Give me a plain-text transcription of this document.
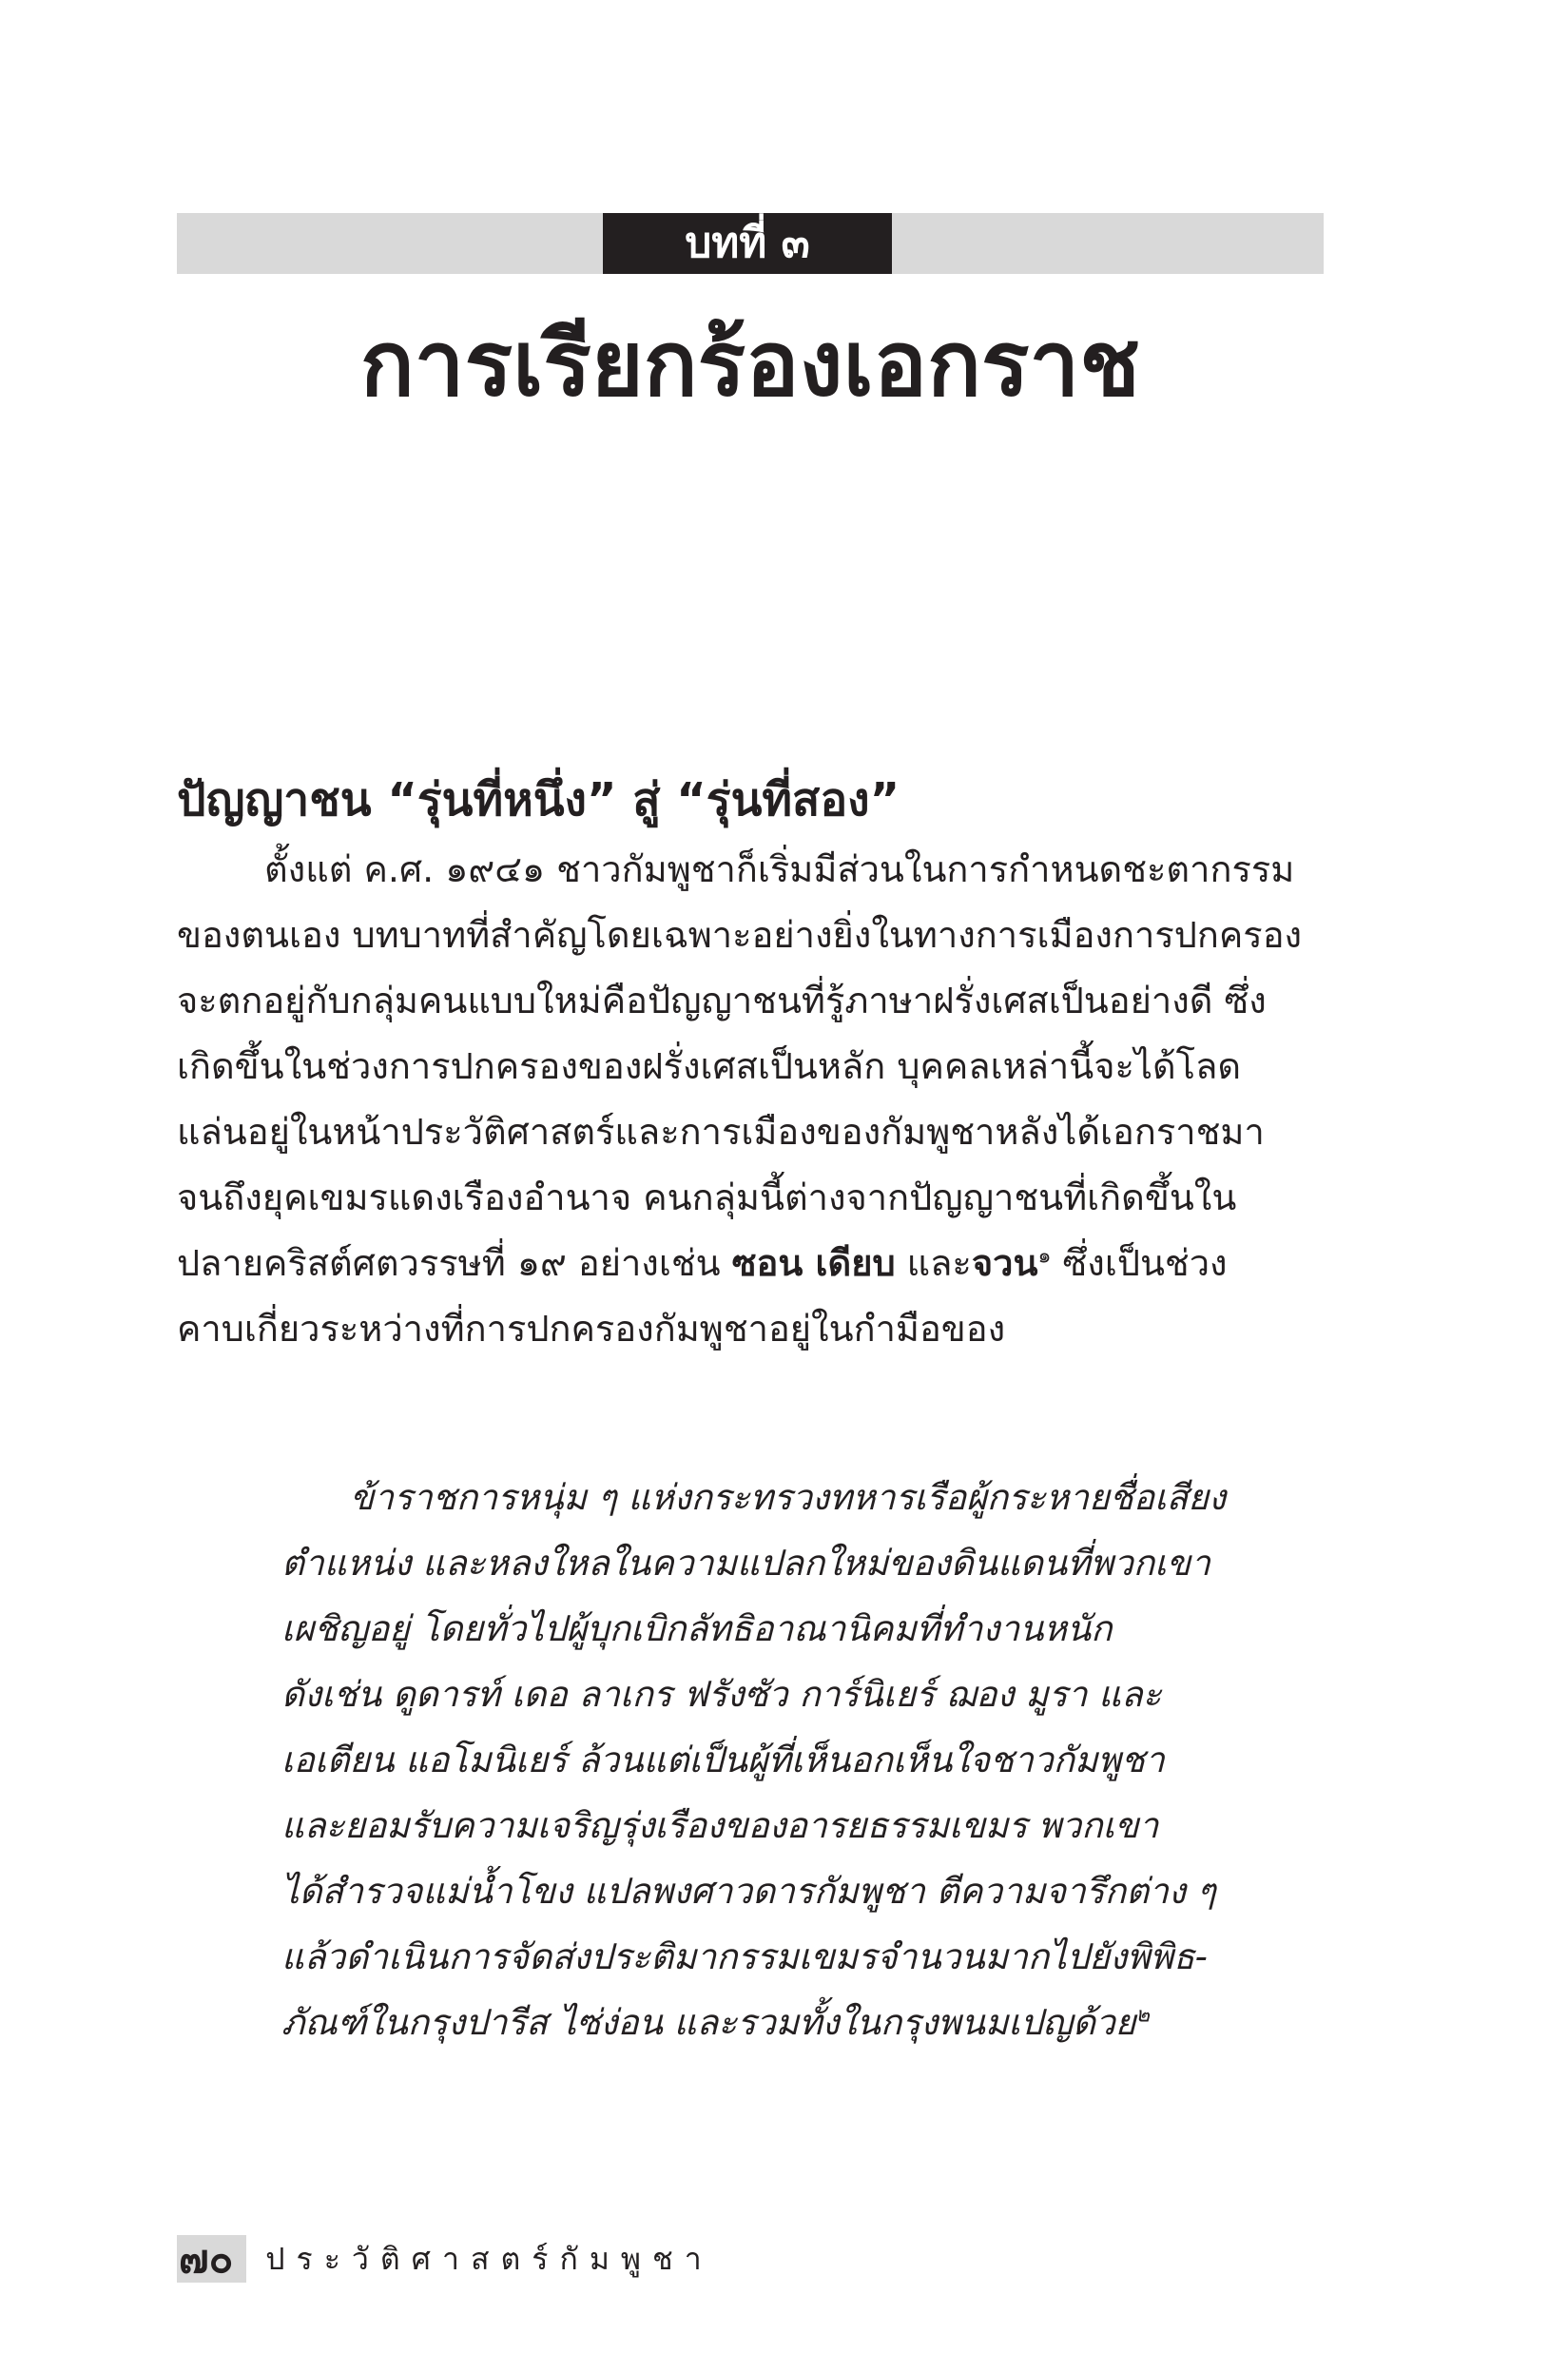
บทที่ ๓
การเรียกร้องเอกราช
ปัญญาชน “รุ่นที่หนึ่ง” สู่ “รุ่นที่สอง”
ตั้งแต่ ค.ศ. ๑๙๔๑ ชาวกัมพูชาก็เริ่มมีส่วนในการกำหนดชะตากรรม
ของตนเอง บทบาทที่สำคัญโดยเฉพาะอย่างยิ่งในทางการเมืองการปกครอง
จะตกอยู่กับกลุ่มคนแบบใหม่คือปัญญาชนที่รู้ภาษาฝรั่งเศสเป็นอย่างดี ซึ่ง
เกิดขึ้นในช่วงการปกครองของฝรั่งเศสเป็นหลัก บุคคลเหล่านี้จะได้โลด
แล่นอยู่ในหน้าประวัติศาสตร์และการเมืองของกัมพูชาหลังได้เอกราชมา
จนถึงยุคเขมรแดงเรืองอำนาจ คนกลุ่มนี้ต่างจากปัญญาชนที่เกิดขึ้นใน
ปลายคริสต์ศตวรรษที่ ๑๙ อย่างเช่น ซอน เดียบ และจวน$^๑$ ซึ่งเป็นช่วง
คาบเกี่ยวระหว่างที่การปกครองกัมพูชาอยู่ในกำมือของ
ข้าราชการหนุ่ม ๆ แห่งกระทรวงทหารเรือผู้กระหายชื่อเสียง
ตำแหน่ง และหลงใหลในความแปลกใหม่ของดินแดนที่พวกเขา
เผชิญอยู่ โดยทั่วไปผู้บุกเบิกลัทธิอาณานิคมที่ทำงานหนัก
ดังเช่น ดูดารท์ เดอ ลาเกร ฟรังซัว การ์นิเยร์ ฌอง มูรา และ
เอเตียน แอโมนิเยร์ ล้วนแต่เป็นผู้ที่เห็นอกเห็นใจชาวกัมพูชา
และยอมรับความเจริญรุ่งเรืองของอารยธรรมเขมร พวกเขา
ได้สำรวจแม่น้ำโขง แปลพงศาวดารกัมพูชา ตีความจารึกต่าง ๆ
แล้วดำเนินการจัดส่งประติมากรรมเขมรจำนวนมากไปยังพิพิธ-
ภัณฑ์ในกรุงปารีส ไซ่ง่อน และรวมทั้งในกรุงพนมเปญด้วย$^๒$
๗๐	ประวัติศาสตร์กัมพูชา
